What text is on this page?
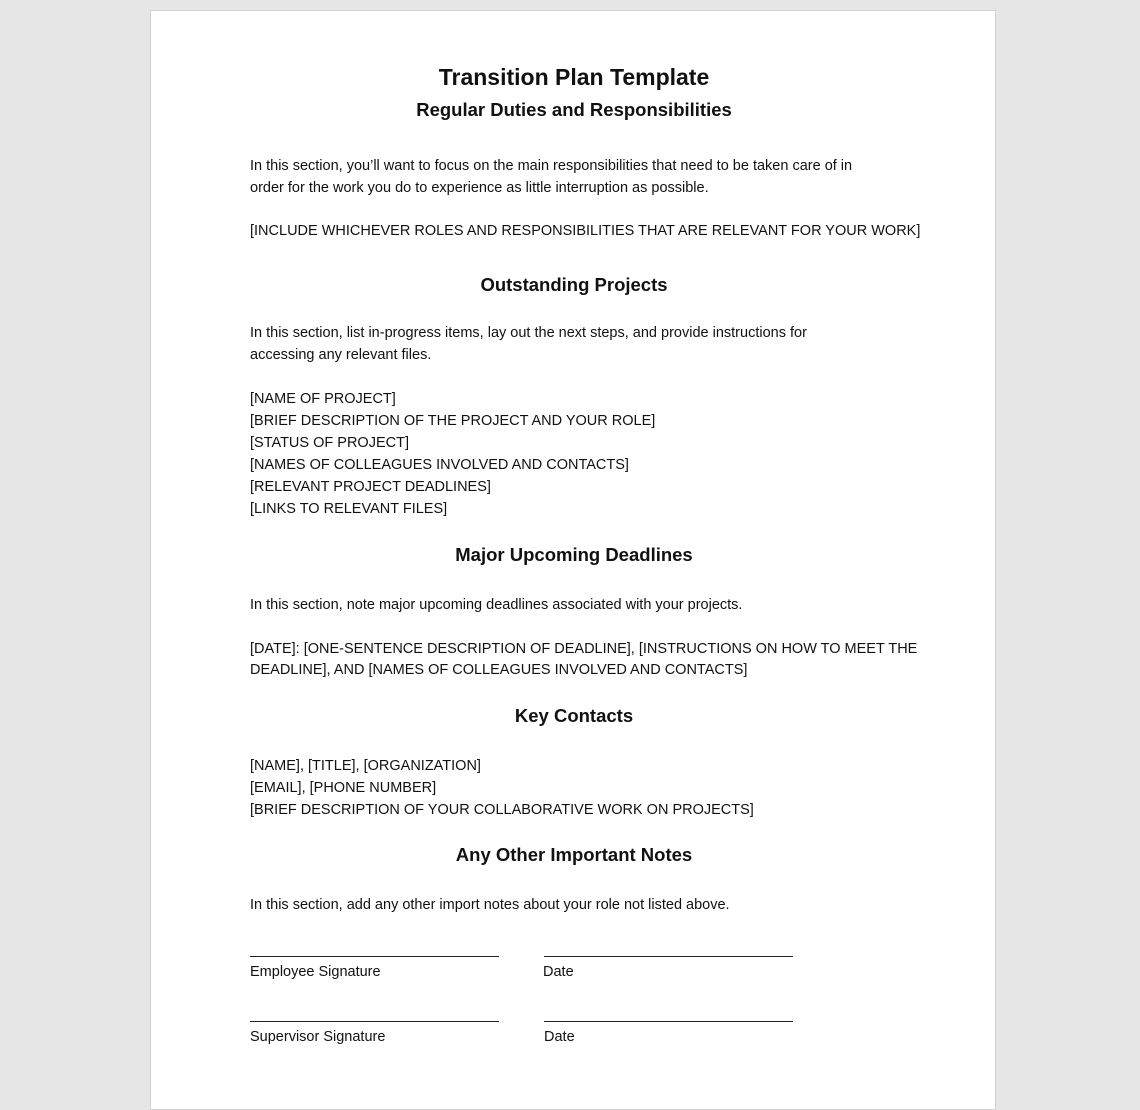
Transition Plan Template
Regular Duties and Responsibilities
In this section, you’ll want to focus on the main responsibilities that need to be taken care of in
order for the work you do to experience as little interruption as possible.
[INCLUDE WHICHEVER ROLES AND RESPONSIBILITIES THAT ARE RELEVANT FOR YOUR WORK]
Outstanding Projects
In this section, list in-progress items, lay out the next steps, and provide instructions for
accessing any relevant files.
[NAME OF PROJECT]
[BRIEF DESCRIPTION OF THE PROJECT AND YOUR ROLE]
[STATUS OF PROJECT]
[NAMES OF COLLEAGUES INVOLVED AND CONTACTS]
[RELEVANT PROJECT DEADLINES]
[LINKS TO RELEVANT FILES]
Major Upcoming Deadlines
In this section, note major upcoming deadlines associated with your projects.
[DATE]: [ONE-SENTENCE DESCRIPTION OF DEADLINE], [INSTRUCTIONS ON HOW TO MEET THE
DEADLINE], AND [NAMES OF COLLEAGUES INVOLVED AND CONTACTS]
Key Contacts
[NAME], [TITLE], [ORGANIZATION]
[EMAIL], [PHONE NUMBER]
[BRIEF DESCRIPTION OF YOUR COLLABORATIVE WORK ON PROJECTS]
Any Other Important Notes
In this section, add any other import notes about your role not listed above.
Employee Signature	Date
Supervisor Signature	Date
